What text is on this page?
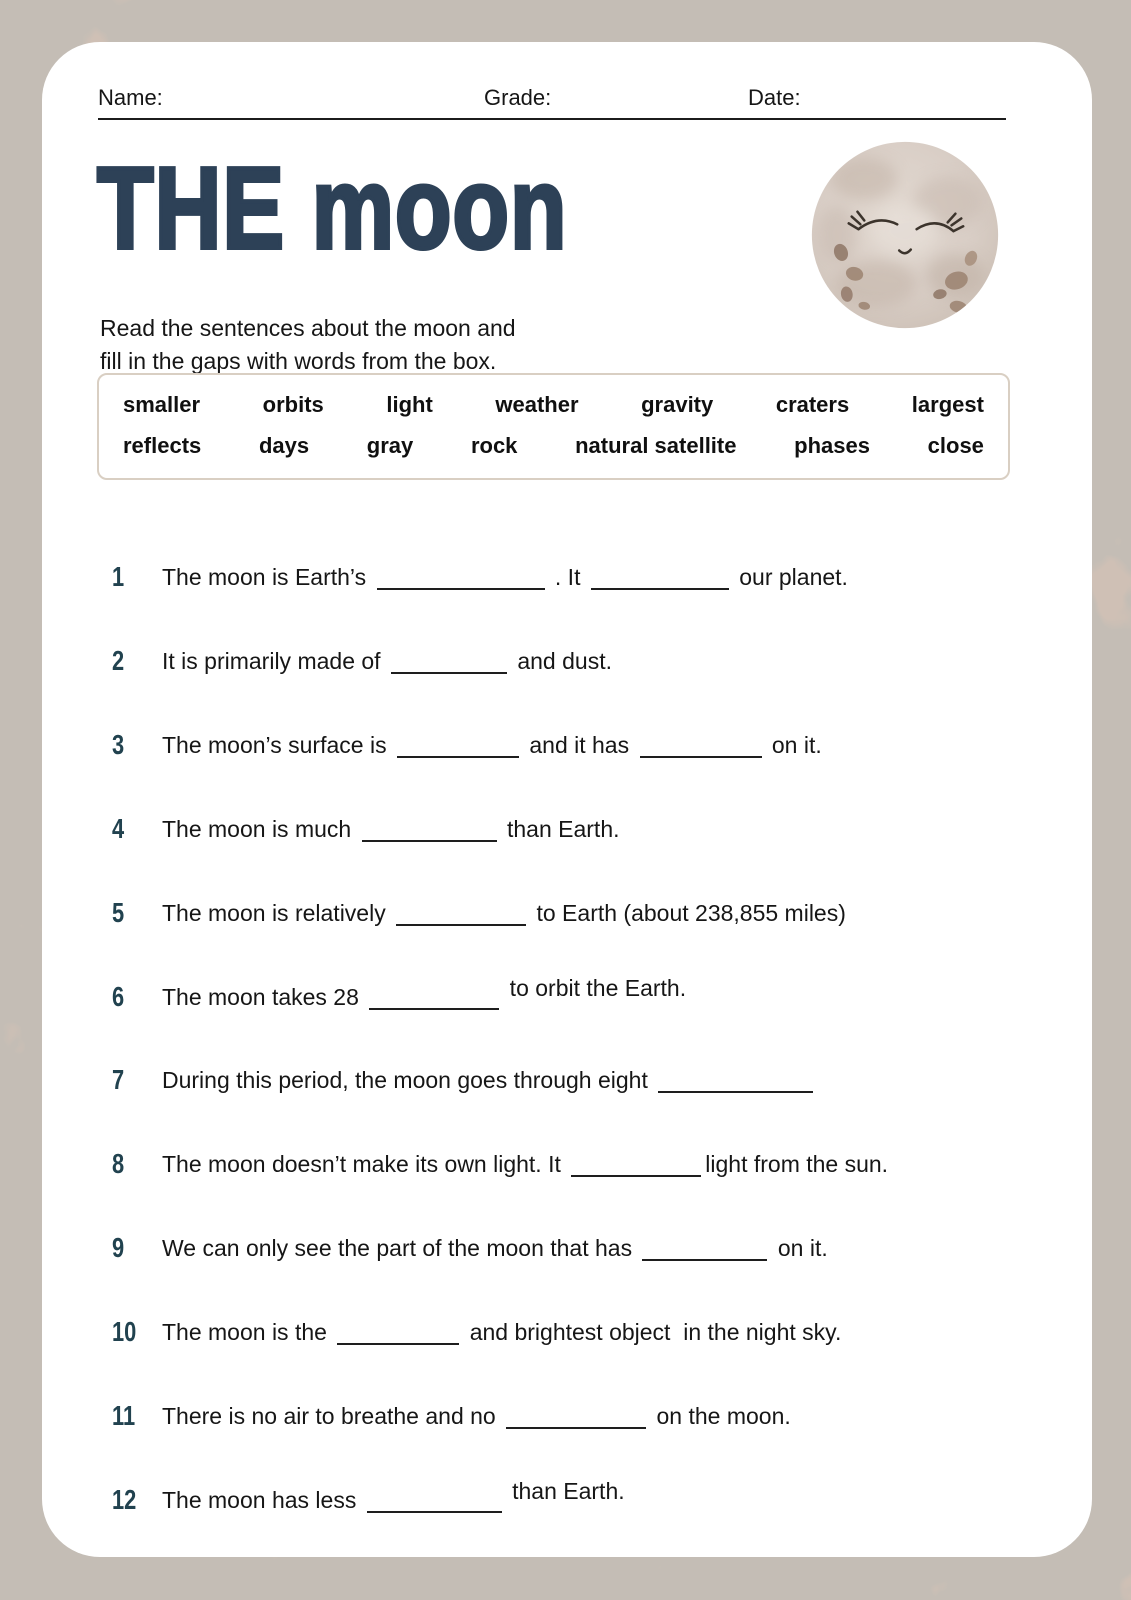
Name:	Grade:	Date:
THE moon
Read the sentences about the moon and
fill in the gaps with words from the box.
smaller	orbits	light	weather	gravity	craters	largest
reflects	days	gray	rock	natural satellite	phases	close
1 The moon is Earth’s	. It	our planet.
2 It is primarily made of	and dust.
3 The moon’s surface is	and it has	on it.
4 The moon is much	than Earth.
5 The moon is relatively	to Earth (about 238,855 miles)
6 The moon takes 28	to orbit the Earth.
7 During this period, the moon goes through eight
8 The moon doesn’t make its own light. It	light from the sun.
9 We can only see the part of the moon that has	on it.
10 The moon is the	and brightest object  in the night sky.
11 There is no air to breathe and no	on the moon.
12 The moon has less	than Earth.
